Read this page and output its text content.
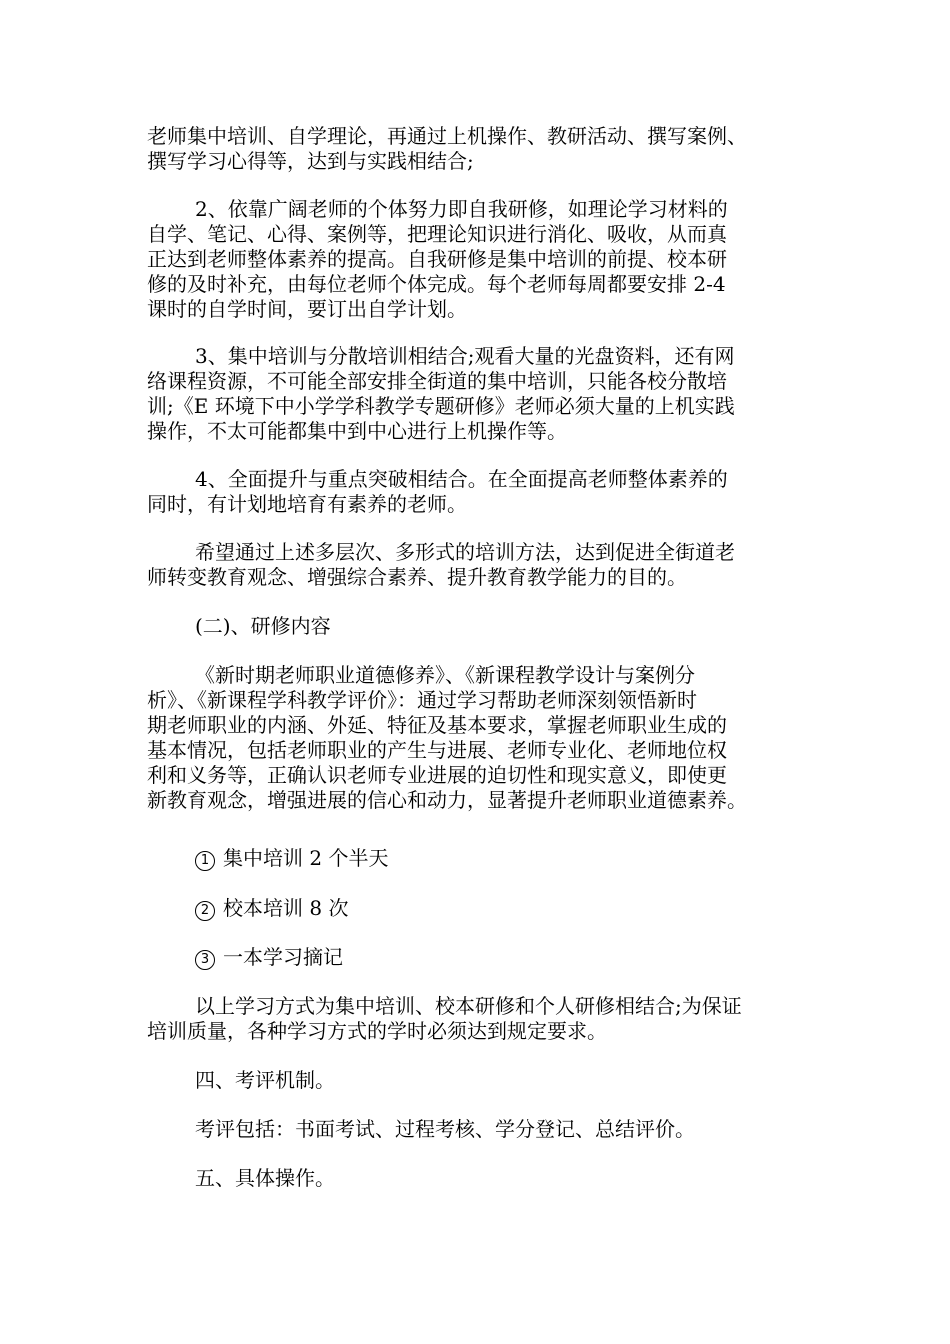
老师集中培训、自学理论，再通过上机操作、教研活动、撰写案例、
撰写学习心得等，达到与实践相结合;
2、依靠广阔老师的个体努力即自我研修，如理论学习材料的
自学、笔记、心得、案例等，把理论知识进行消化、吸收，从而真
正达到老师整体素养的提高。自我研修是集中培训的前提、校本研
修的及时补充，由每位老师个体完成。每个老师每周都要安排 2-4
课时的自学时间，要订出自学计划。
3、集中培训与分散培训相结合;观看大量的光盘资料，还有网
络课程资源，不可能全部安排全街道的集中培训，只能各校分散培
训;《E 环境下中小学学科教学专题研修》老师必须大量的上机实践
操作，不太可能都集中到中心进行上机操作等。
4、全面提升与重点突破相结合。在全面提高老师整体素养的
同时，有计划地培育有素养的老师。
希望通过上述多层次、多形式的培训方法，达到促进全街道老
师转变教育观念、增强综合素养、提升教育教学能力的目的。
(二)、研修内容
《新时期老师职业道德修养》、《新课程教学设计与案例分
析》、《新课程学科教学评价》：通过学习帮助老师深刻领悟新时
期老师职业的内涵、外延、特征及基本要求，掌握老师职业生成的
基本情况，包括老师职业的产生与进展、老师专业化、老师地位权
利和义务等，正确认识老师专业进展的迫切性和现实意义，即使更
新教育观念，增强进展的信心和动力，显著提升老师职业道德素养。
1 集中培训 2 个半天
2 校本培训 8 次
3 一本学习摘记
以上学习方式为集中培训、校本研修和个人研修相结合;为保证
培训质量，各种学习方式的学时必须达到规定要求。
四、考评机制。
考评包括：书面考试、过程考核、学分登记、总结评价。
五、具体操作。
